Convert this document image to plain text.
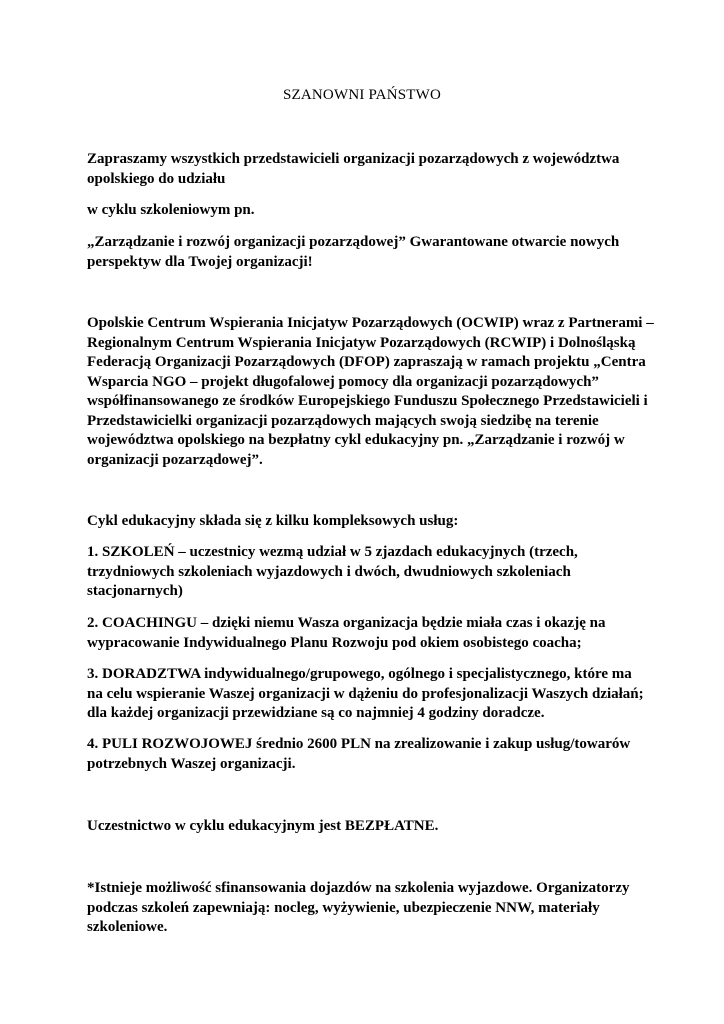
SZANOWNI PAŃSTWO

Zapraszamy wszystkich przedstawicieli organizacji pozarządowych z województwa
opolskiego do udziału

w cyklu szkoleniowym pn.

„Zarządzanie i rozwój organizacji pozarządowej” Gwarantowane otwarcie nowych
perspektyw dla Twojej organizacji!

Opolskie Centrum Wspierania Inicjatyw Pozarządowych (OCWIP) wraz z Partnerami –
Regionalnym Centrum Wspierania Inicjatyw Pozarządowych (RCWIP) i Dolnośląską
Federacją Organizacji Pozarządowych (DFOP) zapraszają w ramach projektu „Centra
Wsparcia NGO – projekt długofalowej pomocy dla organizacji pozarządowych”
współfinansowanego ze środków Europejskiego Funduszu Społecznego Przedstawicieli i
Przedstawicielki organizacji pozarządowych mających swoją siedzibę na terenie
województwa opolskiego na bezpłatny cykl edukacyjny pn. „Zarządzanie i rozwój w
organizacji pozarządowej”.

Cykl edukacyjny składa się z kilku kompleksowych usług:

1. SZKOLEŃ – uczestnicy wezmą udział w 5 zjazdach edukacyjnych (trzech,
trzydniowych szkoleniach wyjazdowych i dwóch, dwudniowych szkoleniach
stacjonarnych)

2. COACHINGU – dzięki niemu Wasza organizacja będzie miała czas i okazję na
wypracowanie Indywidualnego Planu Rozwoju pod okiem osobistego coacha;

3. DORADZTWA indywidualnego/grupowego, ogólnego i specjalistycznego, które ma
na celu wspieranie Waszej organizacji w dążeniu do profesjonalizacji Waszych działań;
dla każdej organizacji przewidziane są co najmniej 4 godziny doradcze.

4. PULI ROZWOJOWEJ średnio 2600 PLN na zrealizowanie i zakup usług/towarów
potrzebnych Waszej organizacji.

Uczestnictwo w cyklu edukacyjnym jest BEZPŁATNE.

*Istnieje możliwość sfinansowania dojazdów na szkolenia wyjazdowe. Organizatorzy
podczas szkoleń zapewniają: nocleg, wyżywienie, ubezpieczenie NNW, materiały
szkoleniowe.
